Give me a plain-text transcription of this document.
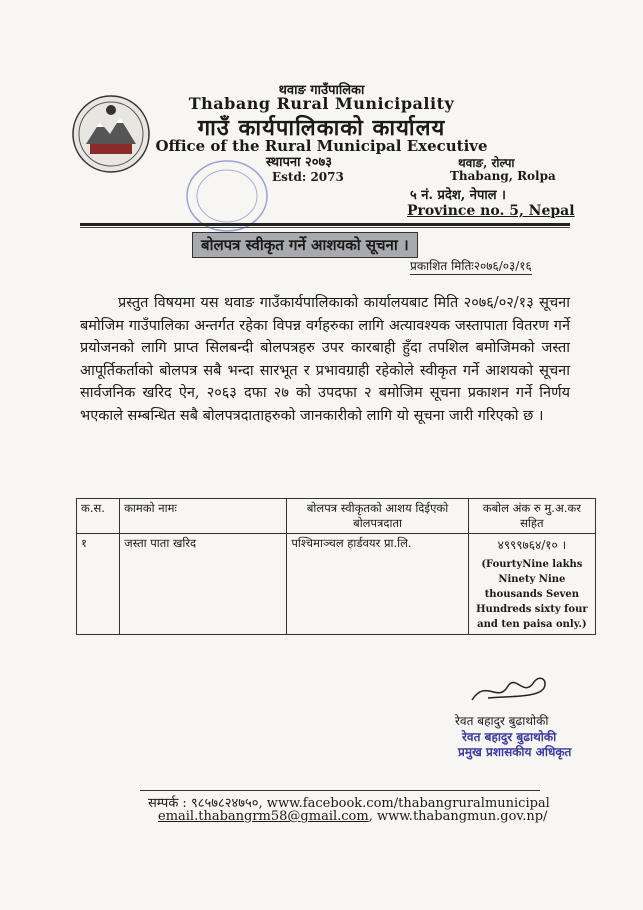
थवाङ गाउँपालिका
Thabang Rural Municipality
गाउँ कार्यपालिकाको कार्यालय
Office of the Rural Municipal Executive
स्थापना २०७३
Estd: 2073
थवाङ, रोल्पा
Thabang, Rolpa
५ नं. प्रदेश, नेपाल ।
Province no. 5, Nepal
बोलपत्र स्वीकृत गर्ने आशयको सूचना ।
प्रकाशित मितिः२०७६/०३/१६
प्रस्तुत विषयमा यस थवाङ गाउँकार्यपालिकाको कार्यालयबाट मिति २०७६/०२/१३ सूचना बमोजिम गाउँपालिका अन्तर्गत रहेका विपन्न वर्गहरुका लागि अत्यावश्यक जस्तापाता वितरण गर्ने प्रयोजनको लागि प्राप्त सिलबन्दी बोलपत्रहरु उपर कारबाही हुँदा तपशिल बमोजिमको जस्ता आपूर्तिकर्ताको बोलपत्र सबै भन्दा सारभूत र प्रभावग्राही रहेकोले स्वीकृत गर्ने आशयको सूचना सार्वजनिक खरिद ऐन, २०६३ दफा २७ को उपदफा २ बमोजिम सूचना प्रकाशन गर्ने निर्णय भएकाले सम्बन्धित सबै बोलपत्रदाताहरुको जानकारीको लागि यो सूचना जारी गरिएको छ ।
क.स.	कामको नामः	बोलपत्र स्वीकृतको आशय दिईएको बोलपत्रदाता	कबोल अंक रु मु.अ.कर सहित
१	जस्ता पाता खरिद	पश्चिमाञ्चल हार्डवयर प्रा.लि.	४९९९७६४/१० ।
(FourtyNine lakhs Ninety Nine thousands Seven Hundreds sixty four and ten paisa only.)
रेवत बहादुर बुढाथोकी
रेवत बहादुर बुढाथोकी
प्रमुख प्रशासकीय अधिकृत
सम्पर्क : ९८५७८२४७५०, www.facebook.com/thabangruralmunicipal
email.thabangrm58@gmail.com, www.thabangmun.gov.np/
